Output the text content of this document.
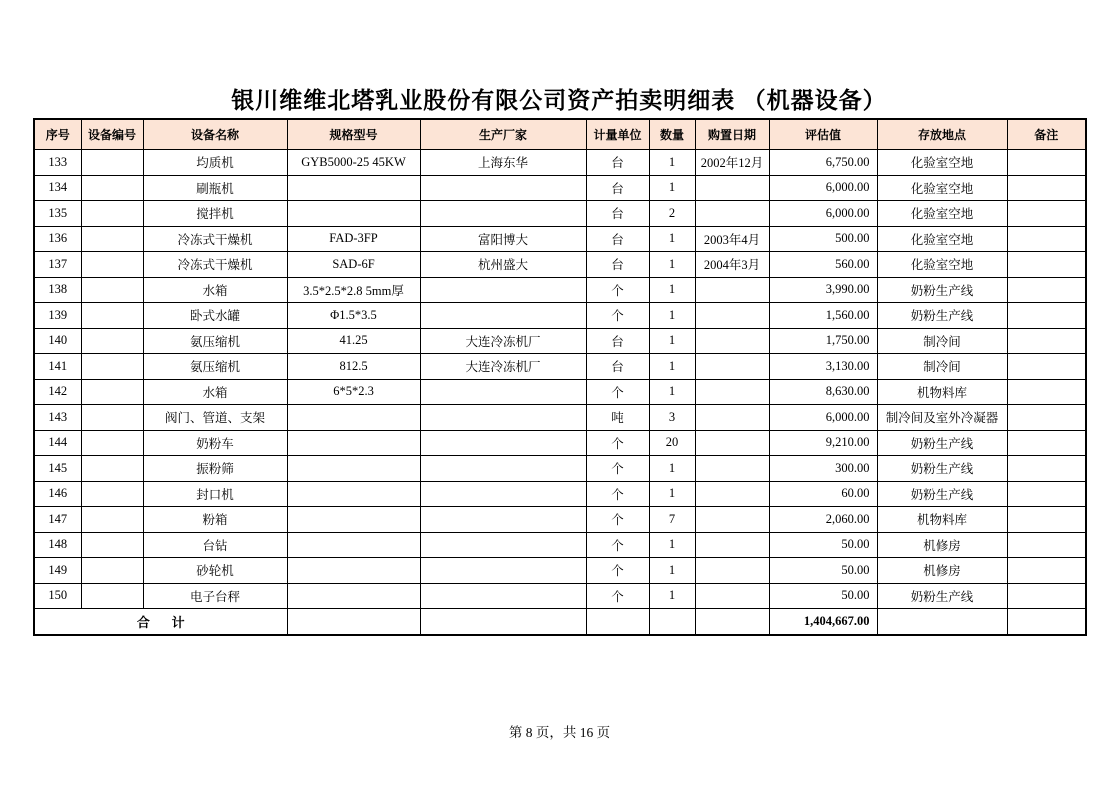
银川维维北塔乳业股份有限公司资产拍卖明细表 （机器设备）
序号	设备编号	设备名称	规格型号	生产厂家	计量单位	数量	购置日期	评估值	存放地点	备注
133		均质机	GYB5000-25 45KW	上海东华	台	1	2002年12月	6,750.00	化验室空地	
134		刷瓶机			台	1		6,000.00	化验室空地	
135		搅拌机			台	2		6,000.00	化验室空地	
136		冷冻式干燥机	FAD-3FP	富阳博大	台	1	2003年4月	500.00	化验室空地	
137		冷冻式干燥机	SAD-6F	杭州盛大	台	1	2004年3月	560.00	化验室空地	
138		水箱	3.5*2.5*2.8 5mm厚		个	1		3,990.00	奶粉生产线	
139		卧式水罐	Φ1.5*3.5		个	1		1,560.00	奶粉生产线	
140		氨压缩机	41.25	大连冷冻机厂	台	1		1,750.00	制冷间	
141		氨压缩机	812.5	大连冷冻机厂	台	1		3,130.00	制冷间	
142		水箱	6*5*2.3		个	1		8,630.00	机物料库	
143		阀门、管道、支架			吨	3		6,000.00	制冷间及室外冷凝器	
144		奶粉车			个	20		9,210.00	奶粉生产线	
145		振粉筛			个	1		300.00	奶粉生产线	
146		封口机			个	1		60.00	奶粉生产线	
147		粉箱			个	7		2,060.00	机物料库	
148		台钻			个	1		50.00	机修房	
149		砂轮机			个	1		50.00	机修房	
150		电子台秤			个	1		50.00	奶粉生产线	
合      计								1,404,667.00		
第 8 页，共 16 页
